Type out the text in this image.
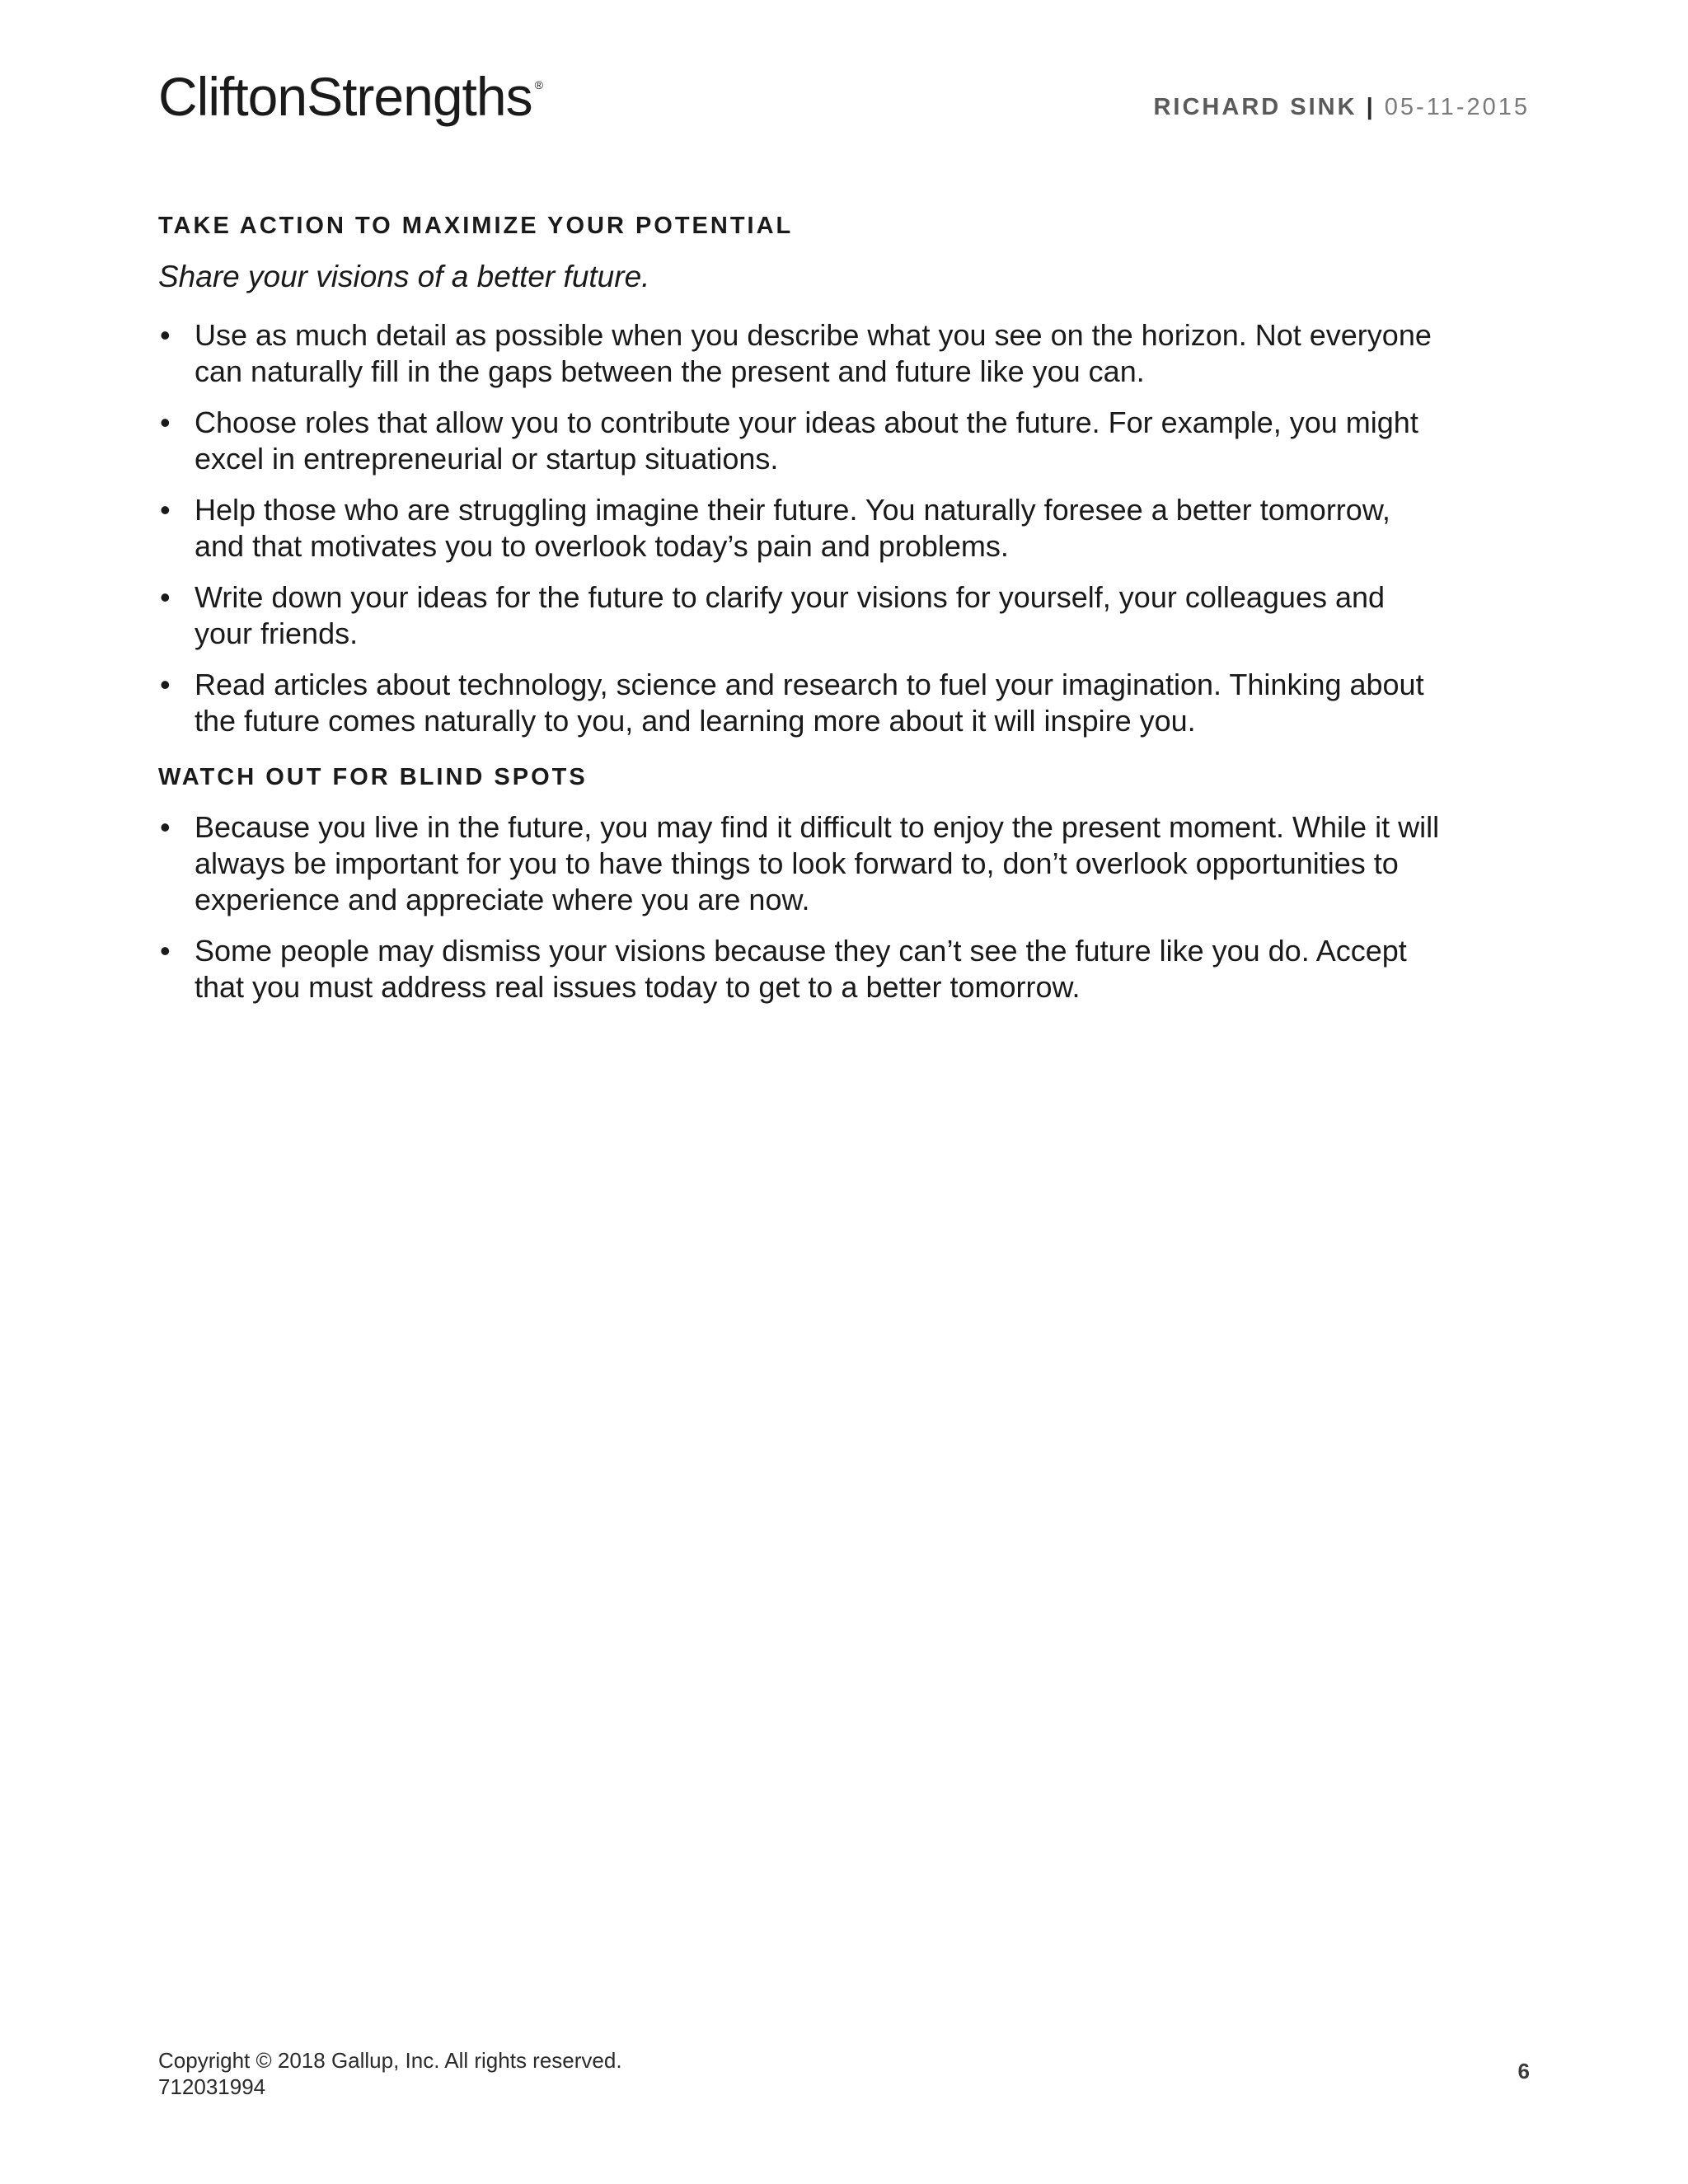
CliftonStrengths ®
RICHARD SINK | 05-11-2015
TAKE ACTION TO MAXIMIZE YOUR POTENTIAL

Share your visions of a better future.

• Use as much detail as possible when you describe what you see on the horizon. Not everyone can naturally fill in the gaps between the present and future like you can.
• Choose roles that allow you to contribute your ideas about the future. For example, you might excel in entrepreneurial or startup situations.
• Help those who are struggling imagine their future. You naturally foresee a better tomorrow, and that motivates you to overlook today’s pain and problems.
• Write down your ideas for the future to clarify your visions for yourself, your colleagues and your friends.
• Read articles about technology, science and research to fuel your imagination. Thinking about the future comes naturally to you, and learning more about it will inspire you.
WATCH OUT FOR BLIND SPOTS
• Because you live in the future, you may find it difficult to enjoy the present moment. While it will always be important for you to have things to look forward to, don’t overlook opportunities to experience and appreciate where you are now.
• Some people may dismiss your visions because they can’t see the future like you do. Accept that you must address real issues today to get to a better tomorrow.
Copyright © 2018 Gallup, Inc. All rights reserved.
712031994
6
